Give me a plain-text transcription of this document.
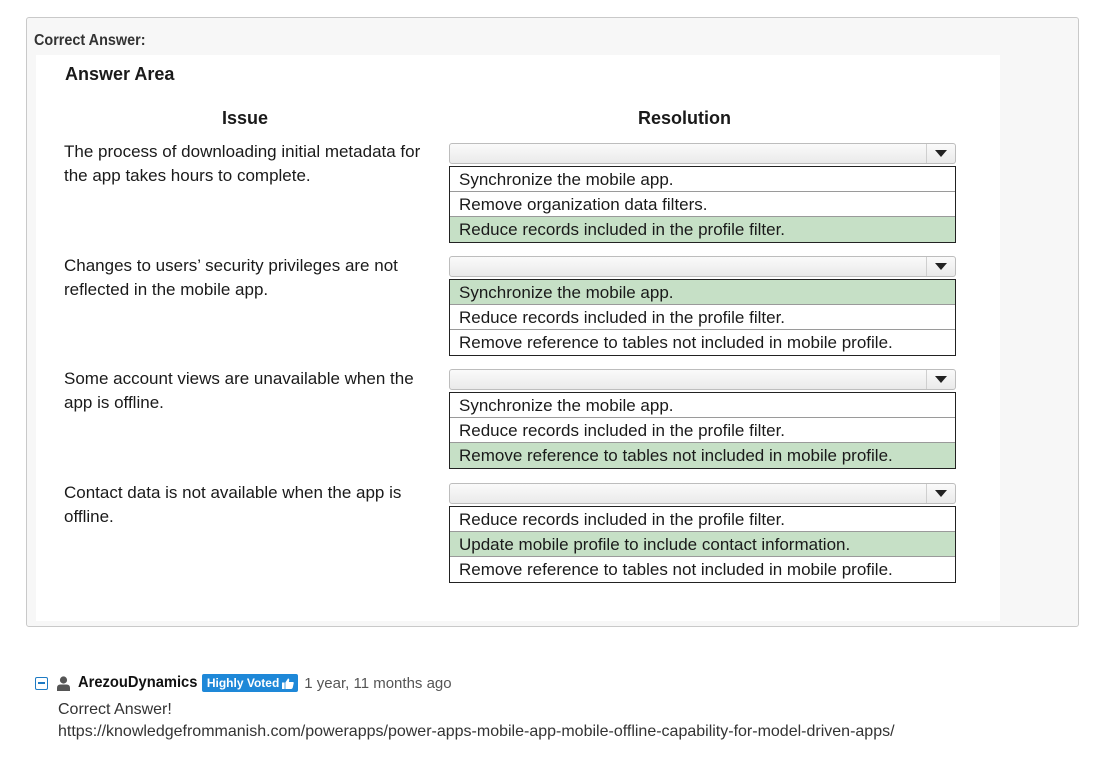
Correct Answer:
Answer Area
Issue	Resolution
The process of downloading initial metadata for the app takes hours to complete.	Synchronize the mobile app.
Remove organization data filters.
Reduce records included in the profile filter.
Changes to users’ security privileges are not reflected in the mobile app.	Synchronize the mobile app.
Reduce records included in the profile filter.
Remove reference to tables not included in mobile profile.
Some account views are unavailable when the app is offline.	Synchronize the mobile app.
Reduce records included in the profile filter.
Remove reference to tables not included in mobile profile.
Contact data is not available when the app is offline.	Reduce records included in the profile filter.
Update mobile profile to include contact information.
Remove reference to tables not included in mobile profile.
ArezouDynamics Highly Voted 1 year, 11 months ago
Correct Answer!
https://knowledgefrommanish.com/powerapps/power-apps-mobile-app-mobile-offline-capability-for-model-driven-apps/
